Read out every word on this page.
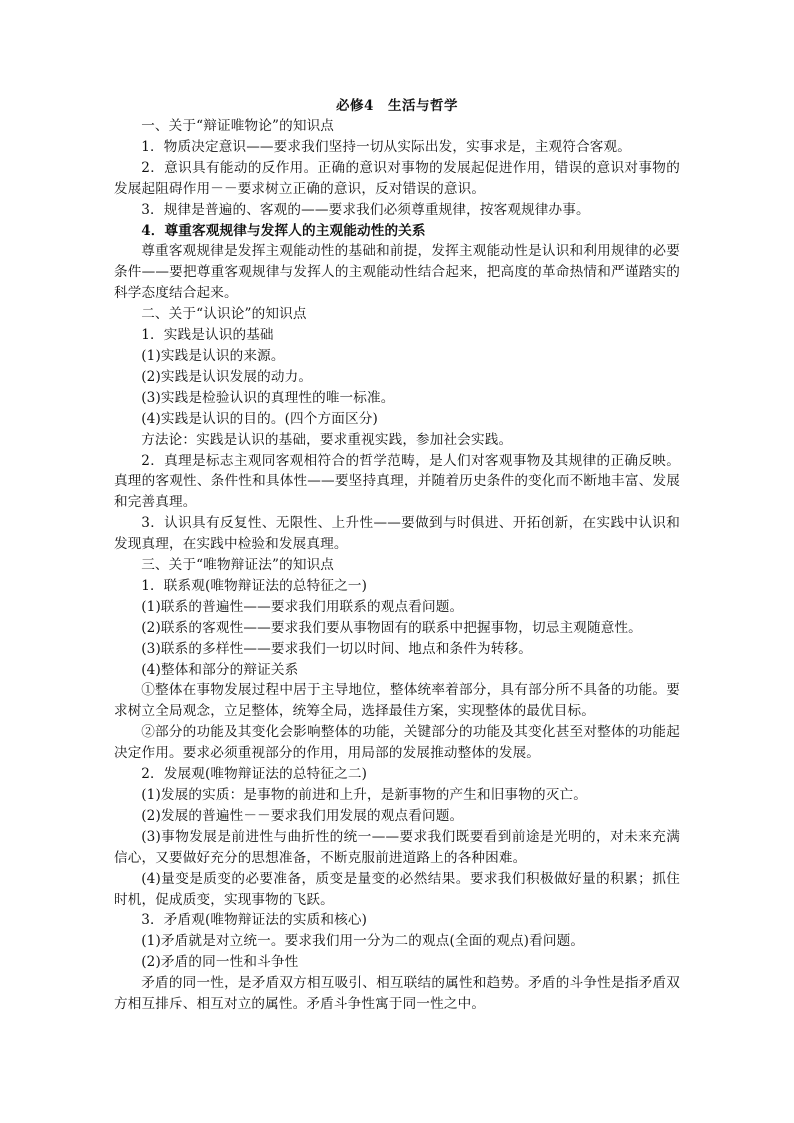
必修4　生活与哲学

一、关于“辩证唯物论”的知识点

1．物质决定意识——要求我们坚持一切从实际出发，实事求是，主观符合客观。

2．意识具有能动的反作用。正确的意识对事物的发展起促进作用，错误的意识对事物的发展起阻碍作用－－要求树立正确的意识，反对错误的意识。

3．规律是普遍的、客观的——要求我们必须尊重规律，按客观规律办事。

4．尊重客观规律与发挥人的主观能动性的关系

尊重客观规律是发挥主观能动性的基础和前提，发挥主观能动性是认识和利用规律的必要条件——要把尊重客观规律与发挥人的主观能动性结合起来，把高度的革命热情和严谨踏实的科学态度结合起来。

二、关于“认识论”的知识点

1．实践是认识的基础

(1)实践是认识的来源。

(2)实践是认识发展的动力。

(3)实践是检验认识的真理性的唯一标准。

(4)实践是认识的目的。(四个方面区分)

方法论：实践是认识的基础，要求重视实践，参加社会实践。

2．真理是标志主观同客观相符合的哲学范畴，是人们对客观事物及其规律的正确反映。真理的客观性、条件性和具体性——要坚持真理，并随着历史条件的变化而不断地丰富、发展和完善真理。

3．认识具有反复性、无限性、上升性——要做到与时俱进、开拓创新，在实践中认识和发现真理，在实践中检验和发展真理。

三、关于“唯物辩证法”的知识点

1．联系观(唯物辩证法的总特征之一)

(1)联系的普遍性——要求我们用联系的观点看问题。

(2)联系的客观性——要求我们要从事物固有的联系中把握事物，切忌主观随意性。

(3)联系的多样性——要求我们一切以时间、地点和条件为转移。

(4)整体和部分的辩证关系

①整体在事物发展过程中居于主导地位，整体统率着部分，具有部分所不具备的功能。要求树立全局观念，立足整体，统筹全局，选择最佳方案，实现整体的最优目标。

②部分的功能及其变化会影响整体的功能，关键部分的功能及其变化甚至对整体的功能起决定作用。要求必须重视部分的作用，用局部的发展推动整体的发展。

2．发展观(唯物辩证法的总特征之二)

(1)发展的实质：是事物的前进和上升，是新事物的产生和旧事物的灭亡。

(2)发展的普遍性－－要求我们用发展的观点看问题。

(3)事物发展是前进性与曲折性的统一——要求我们既要看到前途是光明的，对未来充满信心，又要做好充分的思想准备，不断克服前进道路上的各种困难。

(4)量变是质变的必要准备，质变是量变的必然结果。要求我们积极做好量的积累；抓住时机，促成质变，实现事物的飞跃。

3．矛盾观(唯物辩证法的实质和核心)

(1)矛盾就是对立统一。要求我们用一分为二的观点(全面的观点)看问题。

(2)矛盾的同一性和斗争性

矛盾的同一性，是矛盾双方相互吸引、相互联结的属性和趋势。矛盾的斗争性是指矛盾双方相互排斥、相互对立的属性。矛盾斗争性寓于同一性之中。
